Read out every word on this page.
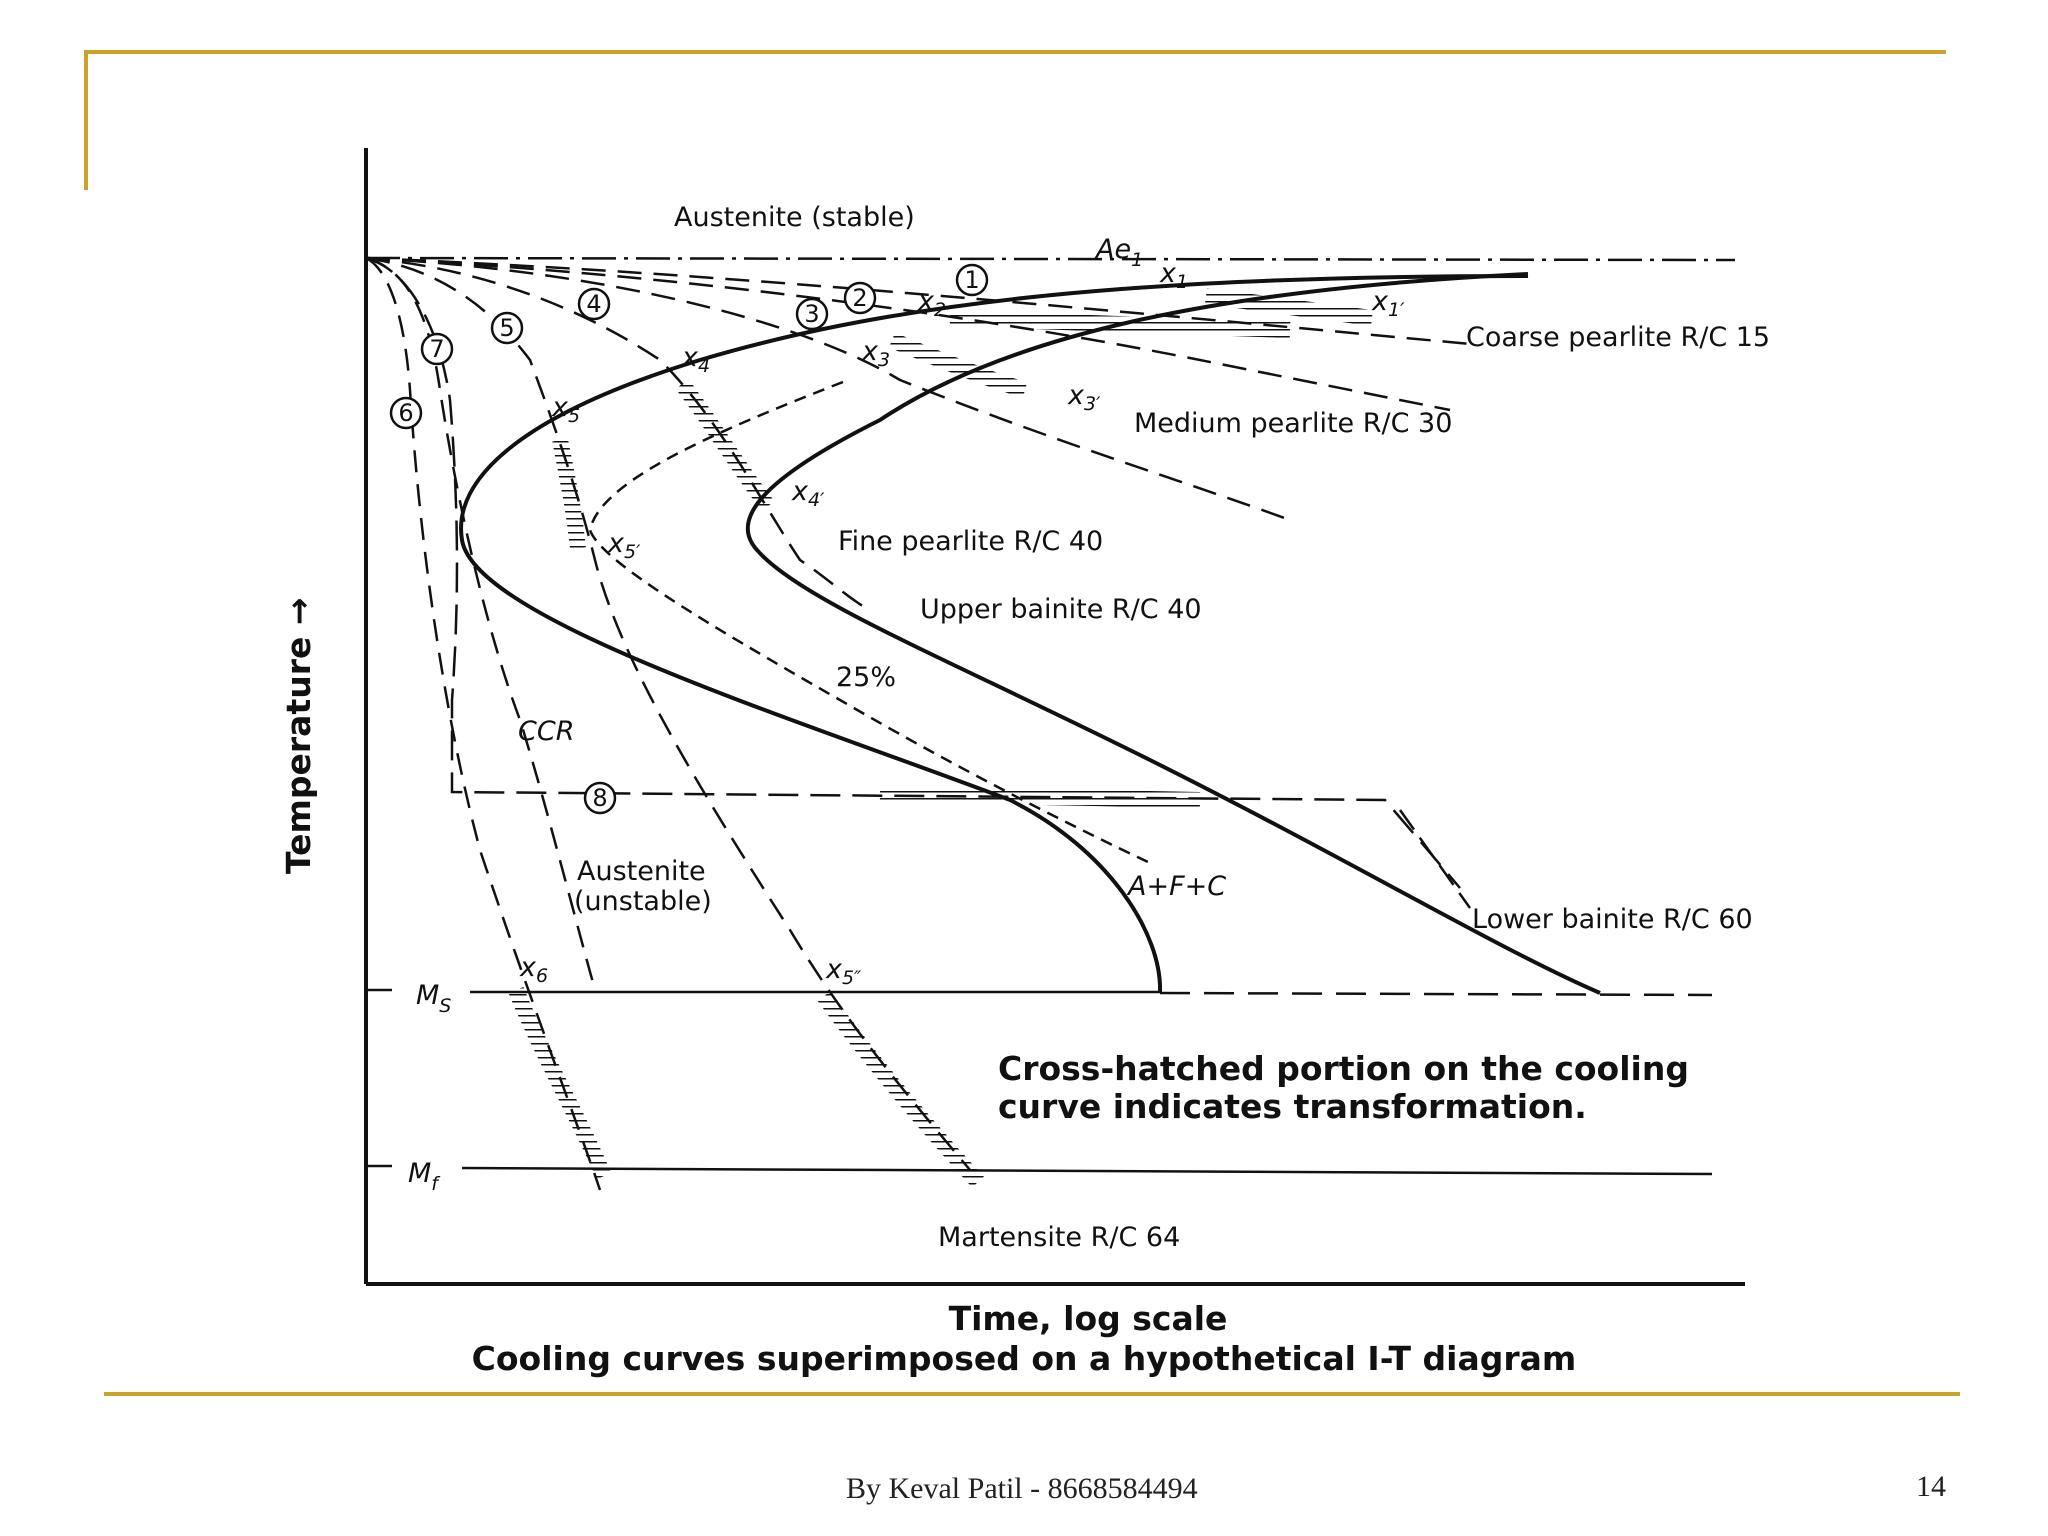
1
2
3
4
5
6
7
8
Austenite (stable)
Austenite
(unstable)	A+F+C
CCR
25%
$Ae_1$
$M_S$
$M_f$
Coarse pearlite R/C 15
Medium pearlite R/C 30
Fine pearlite R/C 40
Upper bainite R/C 40
Lower bainite R/C 60
Martensite R/C 64
$x_1$
$x_{1'}$
$x_2$
$x_3$
$x_{3'}$
$x_4$
$x_{4'}$
$x_5$
$x_{5'}$
$x_{5''}$
$x_6$
Cross-hatched portion on the cooling
curve indicates transformation.
Temperature →
Time, log scale
Cooling curves superimposed on a hypothetical I-T diagram
By Keval Patil - 8668584494	14
